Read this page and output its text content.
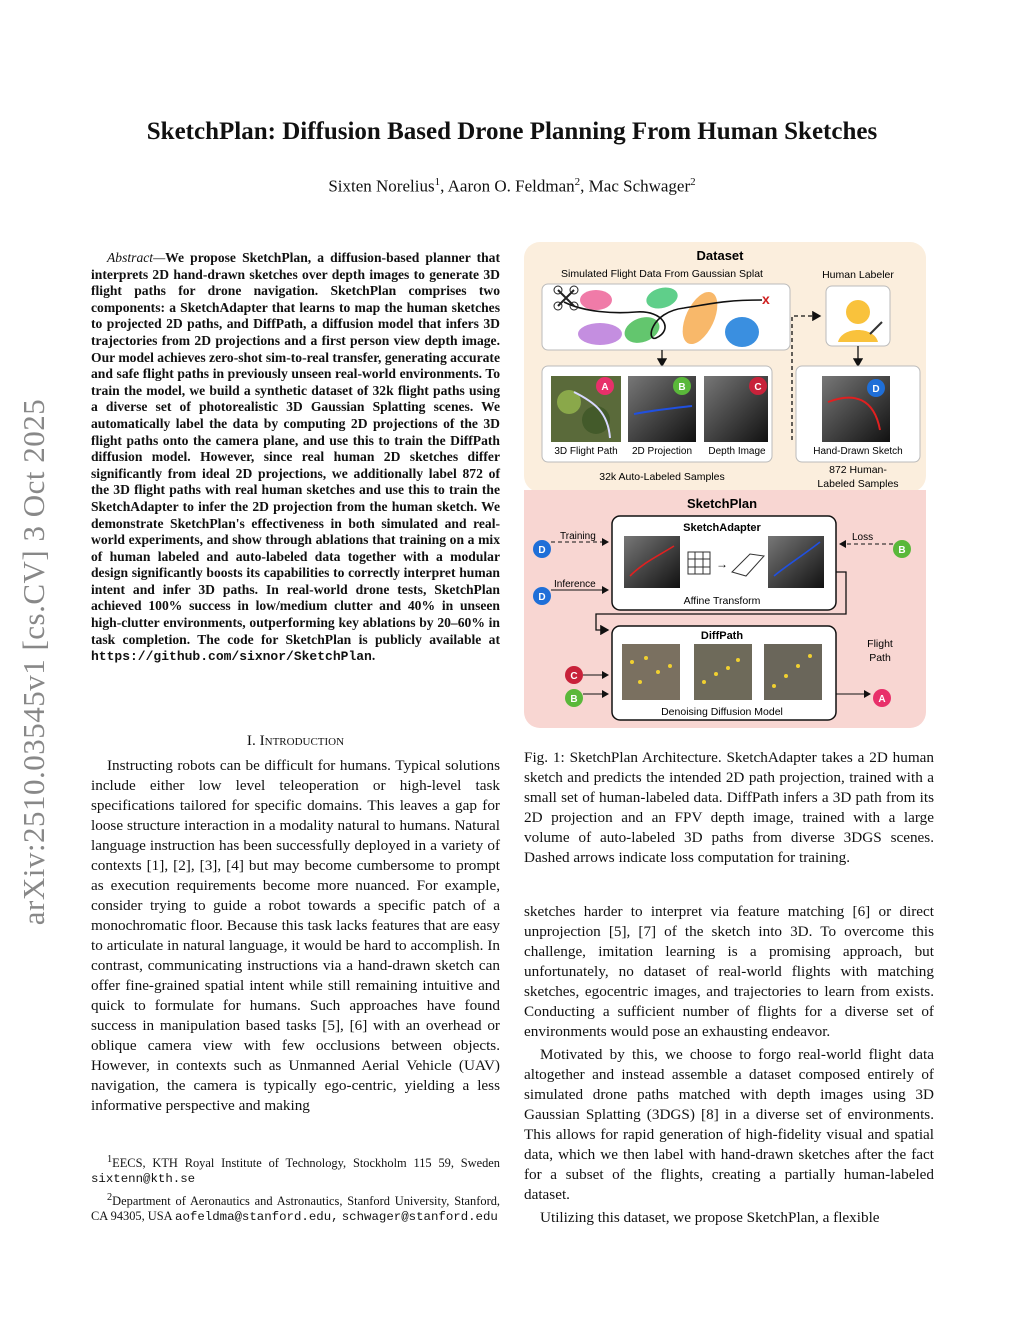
arXiv:2510.03545v1 [cs.CV] 3 Oct 2025
SketchPlan: Diffusion Based Drone Planning From Human Sketches
Sixten Norelius$^1$, Aaron O. Feldman$^2$, Mac Schwager$^2$
Abstract—We propose SketchPlan, a diffusion-based planner that interprets 2D hand-drawn sketches over depth images to generate 3D flight paths for drone navigation. SketchPlan comprises two components: a SketchAdapter that learns to map the human sketches to projected 2D paths, and DiffPath, a diffusion model that infers 3D trajectories from 2D projections and a first person view depth image. Our model achieves zero-shot sim-to-real transfer, generating accurate and safe flight paths in previously unseen real-world environments. To train the model, we build a synthetic dataset of 32k flight paths using a diverse set of photorealistic 3D Gaussian Splatting scenes. We automatically label the data by computing 2D projections of the 3D flight paths onto the camera plane, and use this to train the DiffPath diffusion model. However, since real human 2D sketches differ significantly from ideal 2D projections, we additionally label 872 of the 3D flight paths with real human sketches and use this to train the SketchAdapter to infer the 2D projection from the human sketch. We demonstrate SketchPlan's effectiveness in both simulated and real-world experiments, and show through ablations that training on a mix of human labeled and auto-labeled data together with a modular design significantly boosts its capabilities to correctly interpret human intent and infer 3D paths. In real-world drone tests, SketchPlan achieved 100% success in low/medium clutter and 40% in unseen high-clutter environments, outperforming key ablations by 20–60% in task completion. The code for SketchPlan is publicly available at https://github.com/sixnor/SketchPlan.
I. Introduction

Instructing robots can be difficult for humans. Typical solutions include either low level teleoperation or high-level task specifications tailored for specific domains. This leaves a gap for loose structure interaction in a modality natural to humans. Natural language instruction has been successfully deployed in a variety of contexts [1], [2], [3], [4] but may become cumbersome to prompt as execution requirements become more nuanced. For example, consider trying to guide a robot towards a specific patch of a monochromatic floor. Because this task lacks features that are easy to articulate in natural language, it would be hard to accomplish. In contrast, communicating instructions via a hand-drawn sketch can offer fine-grained spatial intent while still remaining intuitive and quick to formulate for humans. Such approaches have found success in manipulation based tasks [5], [6] with an overhead or oblique camera view with few occlusions between objects. However, in contexts such as Unmanned Aerial Vehicle (UAV) navigation, the camera is typically ego-centric, yielding a less informative perspective and making

$^1$EECS, KTH Royal Institute of Technology, Stockholm 115 59, Sweden sixtenn@kth.se
$^2$Department of Aeronautics and Astronautics, Stanford University, Stanford, CA 94305, USA aofeldma@stanford.edu, schwager@stanford.edu
Dataset
Simulated Flight Data From Gaussian Splat	Human Labeler
x
A	B	C
3D Flight Path 2D Projection Depth Image
32k Auto-Labeled Samples
D
Hand-Drawn Sketch
872 Human-
Labeled Samples
SketchPlan
SketchAdapter
→
Affine Transform
D
Training
D
Inference
B
Loss
DiffPath
Denoising Diffusion Model
C
B	A
Flight
Path
Fig. 1: SketchPlan Architecture. SketchAdapter takes a 2D human sketch and predicts the intended 2D path projection, trained with a small set of human-labeled data. DiffPath infers a 3D path from its 2D projection and an FPV depth image, trained with a large volume of auto-labeled 3D paths from diverse 3DGS scenes. Dashed arrows indicate loss computation for training.

sketches harder to interpret via feature matching [6] or direct unprojection [5], [7] of the sketch into 3D. To overcome this challenge, imitation learning is a promising approach, but unfortunately, no dataset of real-world flights with matching sketches, egocentric images, and trajectories to learn from exists. Conducting a sufficient number of flights for a diverse set of environments would pose an exhausting endeavor.

Motivated by this, we choose to forgo real-world flight data altogether and instead assemble a dataset composed entirely of simulated drone paths matched with depth images using 3D Gaussian Splatting (3DGS) [8] in a diverse set of environments. This allows for rapid generation of high-fidelity visual and spatial data, which we then label with hand-drawn sketches after the fact for a subset of the flights, creating a partially human-labeled dataset.

Utilizing this dataset, we propose SketchPlan, a flexible
